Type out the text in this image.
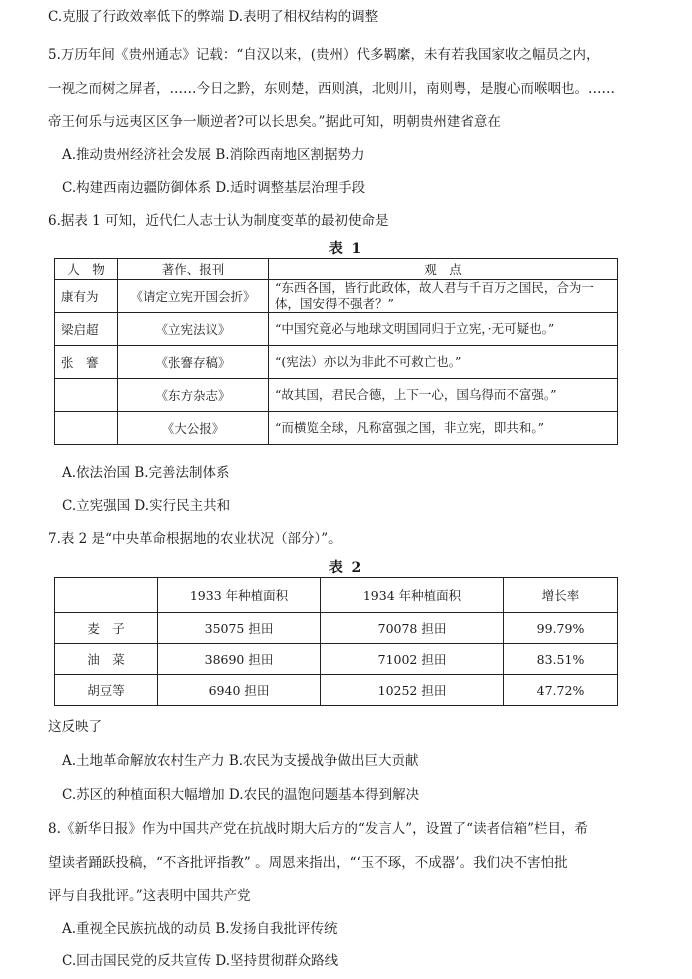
C.克服了行政效率低下的弊端 D.表明了相权结构的调整
5.万历年间《贵州通志》记载：“自汉以来，(贵州）代多羁縻，未有若我国家收之幅员之内，
一视之而树之屏者，……今日之黔，东则楚，西则滇，北则川，南则粤，是腹心而喉咽也。……
帝王何乐与远夷区区争一顺逆者?可以长思矣。”据此可知，明朝贵州建省意在
A.推动贵州经济社会发展 B.消除西南地区割据势力
C.构建西南边疆防御体系 D.适时调整基层治理手段
6.据表 1 可知，近代仁人志士认为制度变革的最初使命是
表 1
人　物	著作、报刊	观　点
康有为	《请定立宪开国会折》	“东西各国，皆行此政体，故人君与千百万之国民，合为一体，国安得不强者？”
梁启超	《立宪法议》	“中国究竟必与地球文明国同归于立宪，·无可疑也。”
张　謇	《张謇存稿》	“(宪法）亦以为非此不可救亡也。”
	《东方杂志》	“故其国，君民合德，上下一心，国乌得而不富强。”
	《大公报》	“而横览全球，凡称富强之国，非立宪，即共和。”
A.依法治国 B.完善法制体系
C.立宪强国 D.实行民主共和
7.表 2 是“中央革命根据地的农业状况（部分）”。
表 2
	1933 年种植面积	1934 年种植面积	增长率
麦　子	35075 担田	70078 担田	99.79%
油　菜	38690 担田	71002 担田	83.51%
胡豆等	6940 担田	10252 担田	47.72%
这反映了
A.土地革命解放农村生产力 B.农民为支援战争做出巨大贡献
C.苏区的种植面积大幅增加 D.农民的温饱问题基本得到解决
8.《新华日报》作为中国共产党在抗战时期大后方的“发言人”，设置了“读者信箱”栏目，希
望读者踊跃投稿，“不吝批评指教” 。周恩来指出，“‘玉不琢，不成器’。我们决不害怕批
评与自我批评。”这表明中国共产党
A.重视全民族抗战的动员 B.发扬自我批评传统
C.回击国民党的反共宣传 D.坚持贯彻群众路线
